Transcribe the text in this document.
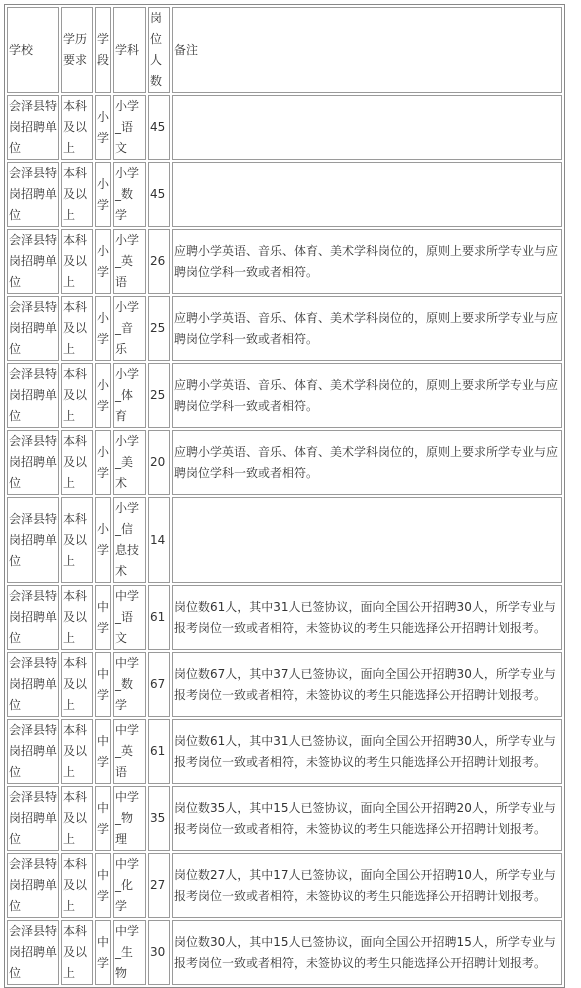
学校	学历要求	学段	学科	岗位人数	备注
会泽县特岗招聘单位	本科及以上	小学	小学_语文	45	
会泽县特岗招聘单位	本科及以上	小学	小学_数学	45	
会泽县特岗招聘单位	本科及以上	小学	小学_英语	26	应聘小学英语、音乐、体育、美术学科岗位的，原则上要求所学专业与应聘岗位学科一致或者相符。
会泽县特岗招聘单位	本科及以上	小学	小学_音乐	25	应聘小学英语、音乐、体育、美术学科岗位的，原则上要求所学专业与应聘岗位学科一致或者相符。
会泽县特岗招聘单位	本科及以上	小学	小学_体育	25	应聘小学英语、音乐、体育、美术学科岗位的，原则上要求所学专业与应聘岗位学科一致或者相符。
会泽县特岗招聘单位	本科及以上	小学	小学_美术	20	应聘小学英语、音乐、体育、美术学科岗位的，原则上要求所学专业与应聘岗位学科一致或者相符。
会泽县特岗招聘单位	本科及以上	小学	小学_信息技术	14	
会泽县特岗招聘单位	本科及以上	中学	中学_语文	61	岗位数61人，其中31人已签协议，面向全国公开招聘30人，所学专业与报考岗位一致或者相符，未签协议的考生只能选择公开招聘计划报考。
会泽县特岗招聘单位	本科及以上	中学	中学_数学	67	岗位数67人，其中37人已签协议，面向全国公开招聘30人，所学专业与报考岗位一致或者相符，未签协议的考生只能选择公开招聘计划报考。
会泽县特岗招聘单位	本科及以上	中学	中学_英语	61	岗位数61人，其中31人已签协议，面向全国公开招聘30人，所学专业与报考岗位一致或者相符，未签协议的考生只能选择公开招聘计划报考。
会泽县特岗招聘单位	本科及以上	中学	中学_物理	35	岗位数35人，其中15人已签协议，面向全国公开招聘20人，所学专业与报考岗位一致或者相符，未签协议的考生只能选择公开招聘计划报考。
会泽县特岗招聘单位	本科及以上	中学	中学_化学	27	岗位数27人，其中17人已签协议，面向全国公开招聘10人，所学专业与报考岗位一致或者相符，未签协议的考生只能选择公开招聘计划报考。
会泽县特岗招聘单位	本科及以上	中学	中学_生物	30	岗位数30人，其中15人已签协议，面向全国公开招聘15人，所学专业与报考岗位一致或者相符，未签协议的考生只能选择公开招聘计划报考。
